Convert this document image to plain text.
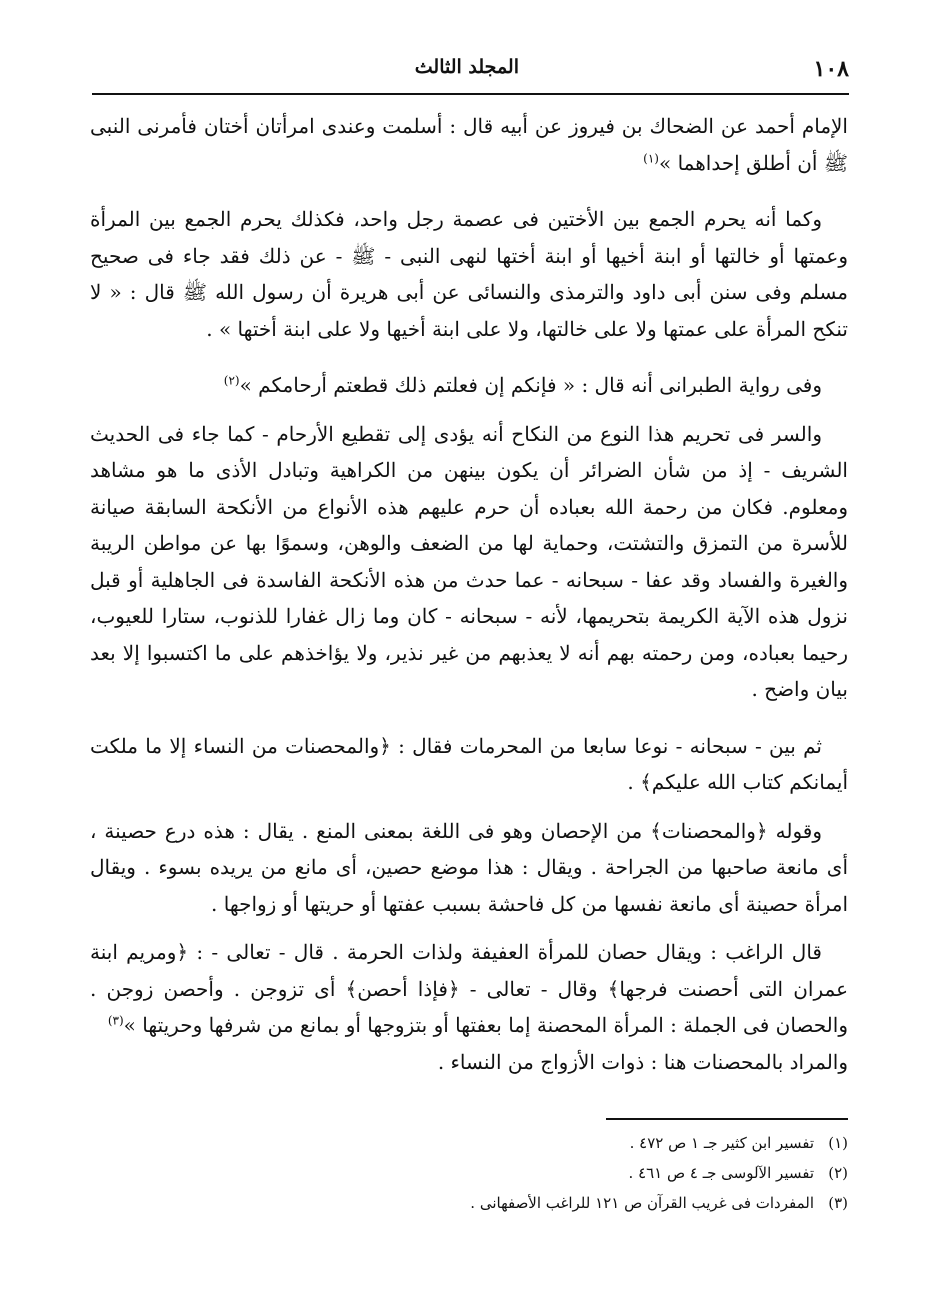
١٠٨
المجلد الثالث

الإمام أحمد عن الضحاك بن فيروز عن أبيه قال : أسلمت وعندى امرأتان أختان فأمرنى النبى ﷺ أن أطلق إحداهما »$^{(١)}$

وكما أنه يحرم الجمع بين الأختين فى عصمة رجل واحد، فكذلك يحرم الجمع بين المرأة وعمتها أو خالتها أو ابنة أخيها أو ابنة أختها لنهى النبى - ﷺ - عن ذلك فقد جاء فى صحيح مسلم وفى سنن أبى داود والترمذى والنسائى عن أبى هريرة أن رسول الله ﷺ قال : « لا تنكح المرأة على عمتها ولا على خالتها، ولا على ابنة أخيها ولا على ابنة أختها » .

وفى رواية الطبرانى أنه قال : « فإنكم إن فعلتم ذلك قطعتم أرحامكم »$^{(٢)}$

والسر فى تحريم هذا النوع من النكاح أنه يؤدى إلى تقطيع الأرحام - كما جاء فى الحديث الشريف - إذ من شأن الضرائر أن يكون بينهن من الكراهية وتبادل الأذى ما هو مشاهد ومعلوم. فكان من رحمة الله بعباده أن حرم عليهم هذه الأنواع من الأنكحة السابقة صيانة للأسرة من التمزق والتشتت، وحماية لها من الضعف والوهن، وسموًا بها عن مواطن الريبة والغيرة والفساد وقد عفا - سبحانه - عما حدث من هذه الأنكحة الفاسدة فى الجاهلية أو قبل نزول هذه الآية الكريمة بتحريمها، لأنه - سبحانه - كان وما زال غفارا للذنوب، ستارا للعيوب، رحيما بعباده، ومن رحمته بهم أنه لا يعذبهم من غير نذير، ولا يؤاخذهم على ما اكتسبوا إلا بعد بيان واضح .

ثم بين - سبحانه - نوعا سابعا من المحرمات فقال : ﴿والمحصنات من النساء إلا ما ملكت أيمانكم كتاب الله عليكم﴾ .

وقوله ﴿والمحصنات﴾ من الإحصان وهو فى اللغة بمعنى المنع . يقال : هذه درع حصينة ، أى مانعة صاحبها من الجراحة . ويقال : هذا موضع حصين، أى مانع من يريده بسوء . ويقال امرأة حصينة أى مانعة نفسها من كل فاحشة بسبب عفتها أو حريتها أو زواجها .

قال الراغب : ويقال حصان للمرأة العفيفة ولذات الحرمة . قال - تعالى - : ﴿ومريم ابنة عمران التى أحصنت فرجها﴾ وقال - تعالى - ﴿فإذا أحصن﴾ أى تزوجن . وأحصن زوجن . والحصان فى الجملة : المرأة المحصنة إما بعفتها أو بتزوجها أو بمانع من شرفها وحريتها »$^{(٣)}$

والمراد بالمحصنات هنا : ذوات الأزواج من النساء .

(١)تفسير ابن كثير جـ ١ ص ٤٧٢ .

(٢)تفسير الآلوسى جـ ٤ ص ٤٦١ .

(٣)المفردات فى غريب القرآن ص ١٢١ للراغب الأصفهانى .
